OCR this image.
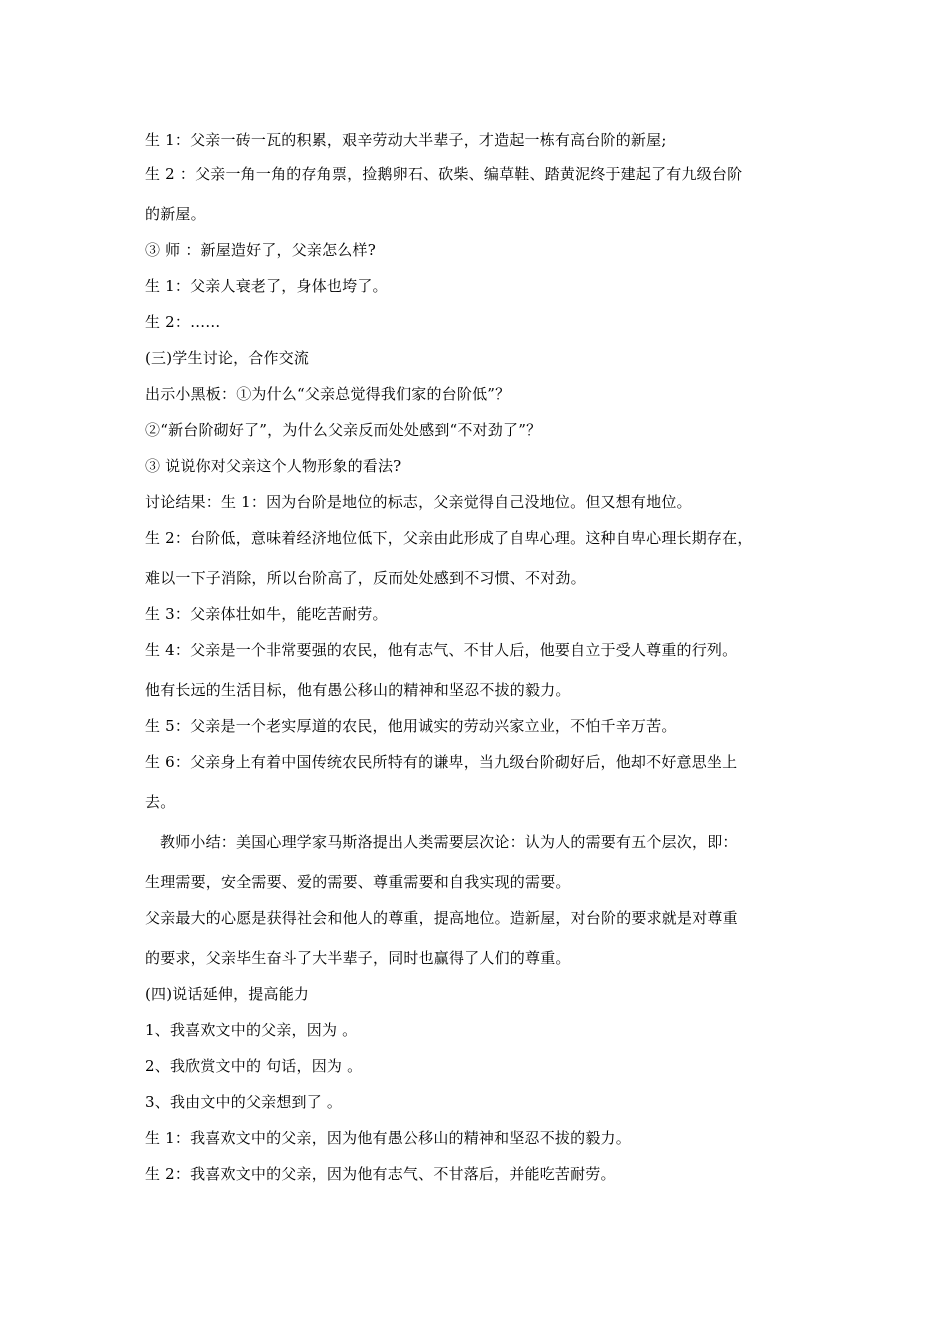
生 1：父亲一砖一瓦的积累，艰辛劳动大半辈子，才造起一栋有高台阶的新屋;
生 2 ：父亲一角一角的存角票，捡鹅卵石、砍柴、编草鞋、踏黄泥终于建起了有九级台阶
的新屋。
③ 师 ：新屋造好了，父亲怎么样?
生 1：父亲人衰老了，身体也垮了。
生 2：……
(三)学生讨论，合作交流
出示小黑板：①为什么“父亲总觉得我们家的台阶低”？
②“新台阶砌好了”，为什么父亲反而处处感到“不对劲了”？
③ 说说你对父亲这个人物形象的看法?
讨论结果：生 1：因为台阶是地位的标志，父亲觉得自己没地位。但又想有地位。
生 2：台阶低，意味着经济地位低下，父亲由此形成了自卑心理。这种自卑心理长期存在，
难以一下子消除，所以台阶高了，反而处处感到不习惯、不对劲。
生 3：父亲体壮如牛，能吃苦耐劳。
生 4：父亲是一个非常要强的农民，他有志气、不甘人后，他要自立于受人尊重的行列。
他有长远的生活目标，他有愚公移山的精神和坚忍不拔的毅力。
生 5：父亲是一个老实厚道的农民，他用诚实的劳动兴家立业，不怕千辛万苦。
生 6：父亲身上有着中国传统农民所特有的谦卑，当九级台阶砌好后，他却不好意思坐上
去。
教师小结：美国心理学家马斯洛提出人类需要层次论：认为人的需要有五个层次，即：
生理需要，安全需要、爱的需要、尊重需要和自我实现的需要。
父亲最大的心愿是获得社会和他人的尊重，提高地位。造新屋，对台阶的要求就是对尊重
的要求，父亲毕生奋斗了大半辈子，同时也赢得了人们的尊重。
(四)说话延伸，提高能力
1、我喜欢文中的父亲，因为 。
2、我欣赏文中的 句话，因为 。
3、我由文中的父亲想到了 。
生 1：我喜欢文中的父亲，因为他有愚公移山的精神和坚忍不拔的毅力。
生 2：我喜欢文中的父亲，因为他有志气、不甘落后，并能吃苦耐劳。
